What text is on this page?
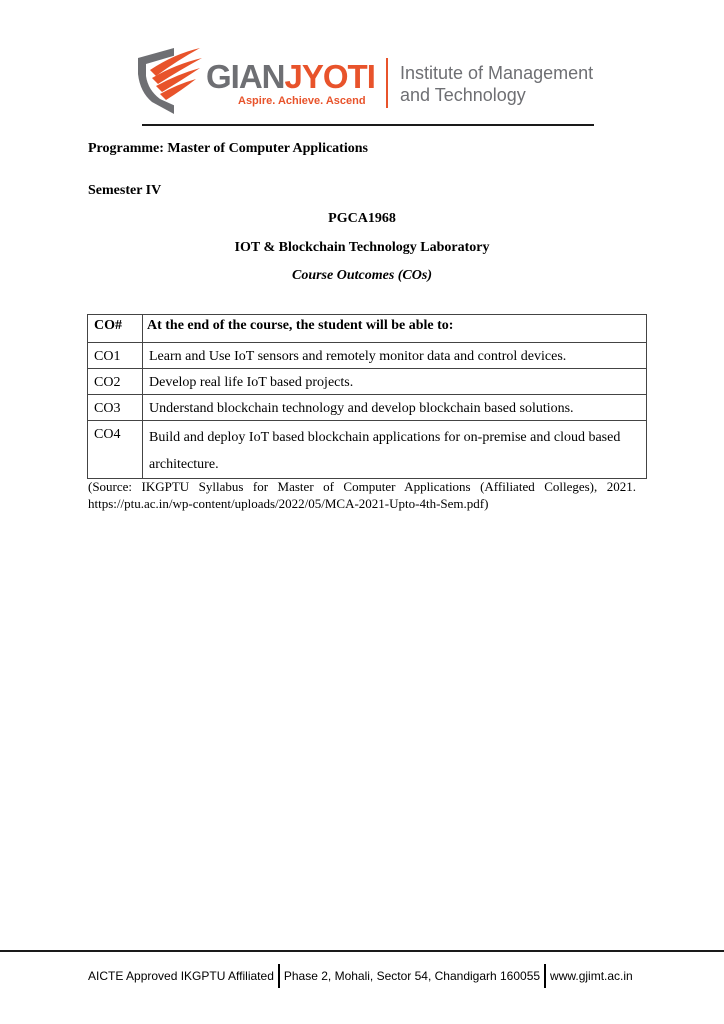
GIANJYOTI
Aspire. Achieve. Ascend
Institute of Management
and Technology
Programme: Master of Computer Applications
Semester IV
PGCA1968
IOT & Blockchain Technology Laboratory
Course Outcomes (COs)
CO#	At the end of the course, the student will be able to:
CO1	Learn and Use IoT sensors and remotely monitor data and control devices.
CO2	Develop real life IoT based projects.
CO3	Understand blockchain technology and develop blockchain based solutions.
CO4	Build and deploy IoT based blockchain applications for on-premise and cloud based architecture.
(Source: IKGPTU Syllabus for Master of Computer Applications (Affiliated Colleges), 2021. https://ptu.ac.in/wp-content/uploads/2022/05/MCA-2021-Upto-4th-Sem.pdf)
AICTE Approved IKGPTU Affiliated Phase 2, Mohali, Sector 54, Chandigarh 160055 www.gjimt.ac.in
